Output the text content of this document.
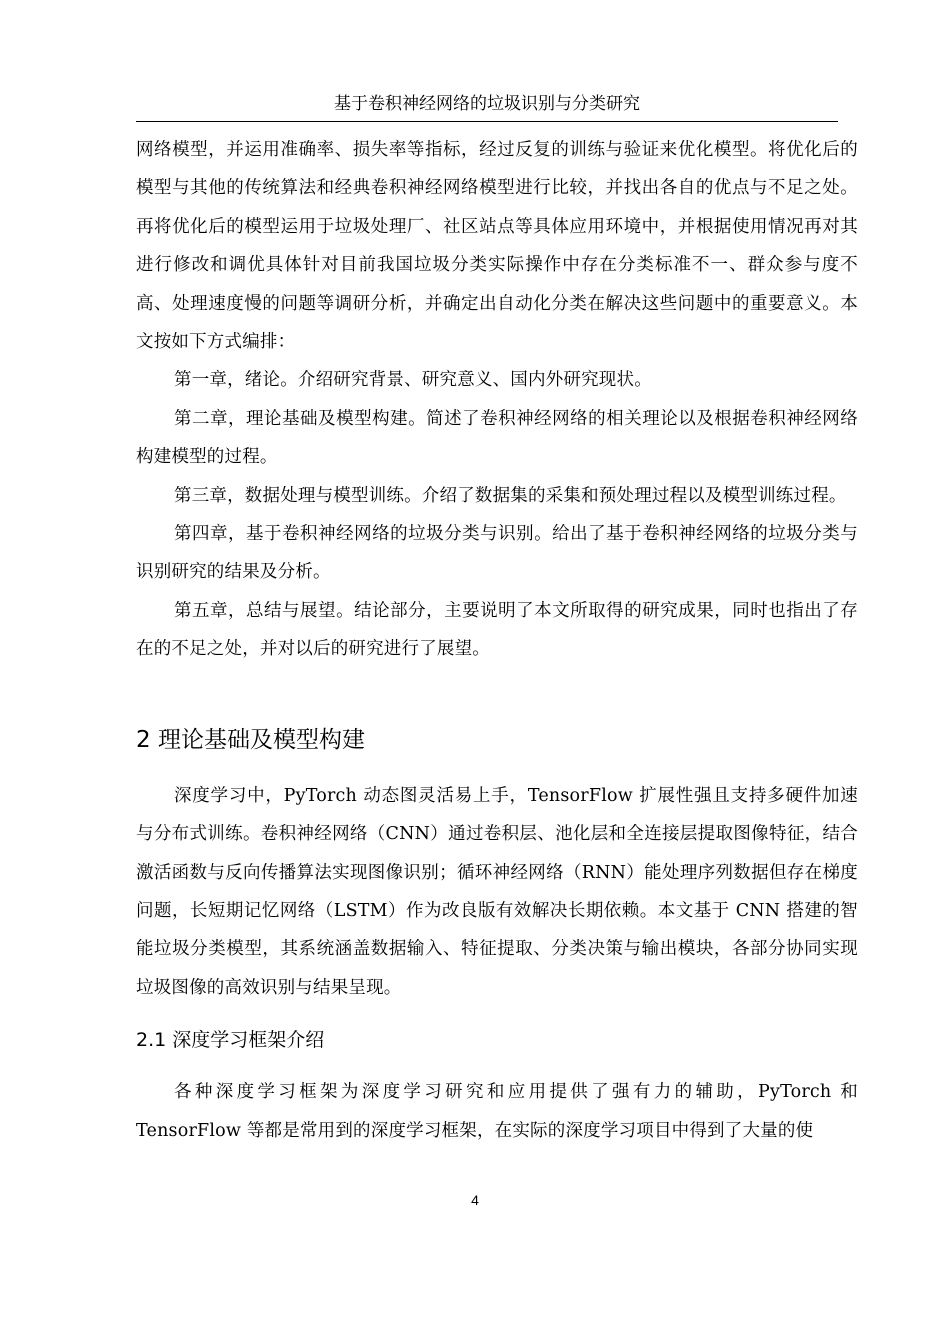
基于卷积神经网络的垃圾识别与分类研究

网络模型，并运用准确率、损失率等指标，经过反复的训练与验证来优化模型。将优化后的模型与其他的传统算法和经典卷积神经网络模型进行比较，并找出各自的优点与不足之处。再将优化后的模型运用于垃圾处理厂、社区站点等具体应用环境中，并根据使用情况再对其进行修改和调优具体针对目前我国垃圾分类实际操作中存在分类标准不一、群众参与度不高、处理速度慢的问题等调研分析，并确定出自动化分类在解决这些问题中的重要意义。本文按如下方式编排：

第一章，绪论。介绍研究背景、研究意义、国内外研究现状。

第二章，理论基础及模型构建。简述了卷积神经网络的相关理论以及根据卷积神经网络构建模型的过程。

第三章，数据处理与模型训练。介绍了数据集的采集和预处理过程以及模型训练过程。

第四章，基于卷积神经网络的垃圾分类与识别。给出了基于卷积神经网络的垃圾分类与识别研究的结果及分析。

第五章，总结与展望。结论部分，主要说明了本文所取得的研究成果，同时也指出了存在的不足之处，并对以后的研究进行了展望。

2 理论基础及模型构建

深度学习中，PyTorch 动态图灵活易上手，TensorFlow 扩展性强且支持多硬件加速与分布式训练。卷积神经网络（CNN）通过卷积层、池化层和全连接层提取图像特征，结合激活函数与反向传播算法实现图像识别；循环神经网络（RNN）能处理序列数据但存在梯度问题，长短期记忆网络（LSTM）作为改良版有效解决长期依赖。本文基于 CNN 搭建的智能垃圾分类模型，其系统涵盖数据输入、特征提取、分类决策与输出模块，各部分协同实现垃圾图像的高效识别与结果呈现。

2.1 深度学习框架介绍

各种深度学习框架为深度学习研究和应用提供了强有力的辅助，PyTorch 和 TensorFlow 等都是常用到的深度学习框架，在实际的深度学习项目中得到了大量的使

4
